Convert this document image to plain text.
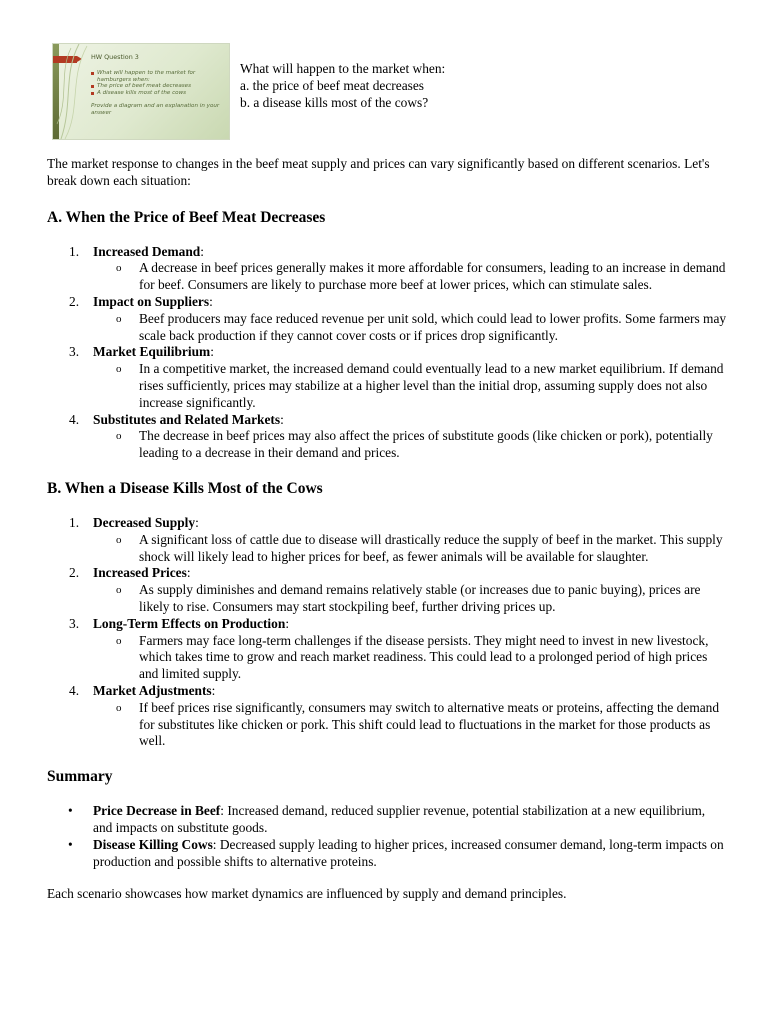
HW Question 3
What will happen to the market for hamburgers when:
The price of beef meat decreases
A disease kills most of the cows
Provide a diagram and an explanation in your answer
What will happen to the market when:
a. the price of beef meat decreases
b. a disease kills most of the cows?

The market response to changes in the beef meat supply and prices can vary significantly based on different scenarios. Let's break down each situation:

A. When the Price of Beef Meat Decreases
1. Increased Demand:
o A decrease in beef prices generally makes it more affordable for consumers, leading to an increase in demand for beef. Consumers are likely to purchase more beef at lower prices, which can stimulate sales.
2. Impact on Suppliers:
o Beef producers may face reduced revenue per unit sold, which could lead to lower profits. Some farmers may scale back production if they cannot cover costs or if prices drop significantly.
3. Market Equilibrium:
o In a competitive market, the increased demand could eventually lead to a new market equilibrium. If demand rises sufficiently, prices may stabilize at a higher level than the initial drop, assuming supply does not also increase significantly.
4. Substitutes and Related Markets:
o The decrease in beef prices may also affect the prices of substitute goods (like chicken or pork), potentially leading to a decrease in their demand and prices.
B. When a Disease Kills Most of the Cows
1. Decreased Supply:
o A significant loss of cattle due to disease will drastically reduce the supply of beef in the market. This supply shock will likely lead to higher prices for beef, as fewer animals will be available for slaughter.
2. Increased Prices:
o As supply diminishes and demand remains relatively stable (or increases due to panic buying), prices are likely to rise. Consumers may start stockpiling beef, further driving prices up.
3. Long-Term Effects on Production:
o Farmers may face long-term challenges if the disease persists. They might need to invest in new livestock, which takes time to grow and reach market readiness. This could lead to a prolonged period of high prices and limited supply.
4. Market Adjustments:
o If beef prices rise significantly, consumers may switch to alternative meats or proteins, affecting the demand for substitutes like chicken or pork. This shift could lead to fluctuations in the market for those products as well.
Summary
• Price Decrease in Beef: Increased demand, reduced supplier revenue, potential stabilization at a new equilibrium, and impacts on substitute goods.
• Disease Killing Cows: Decreased supply leading to higher prices, increased consumer demand, long-term impacts on production and possible shifts to alternative proteins.

Each scenario showcases how market dynamics are influenced by supply and demand principles.
